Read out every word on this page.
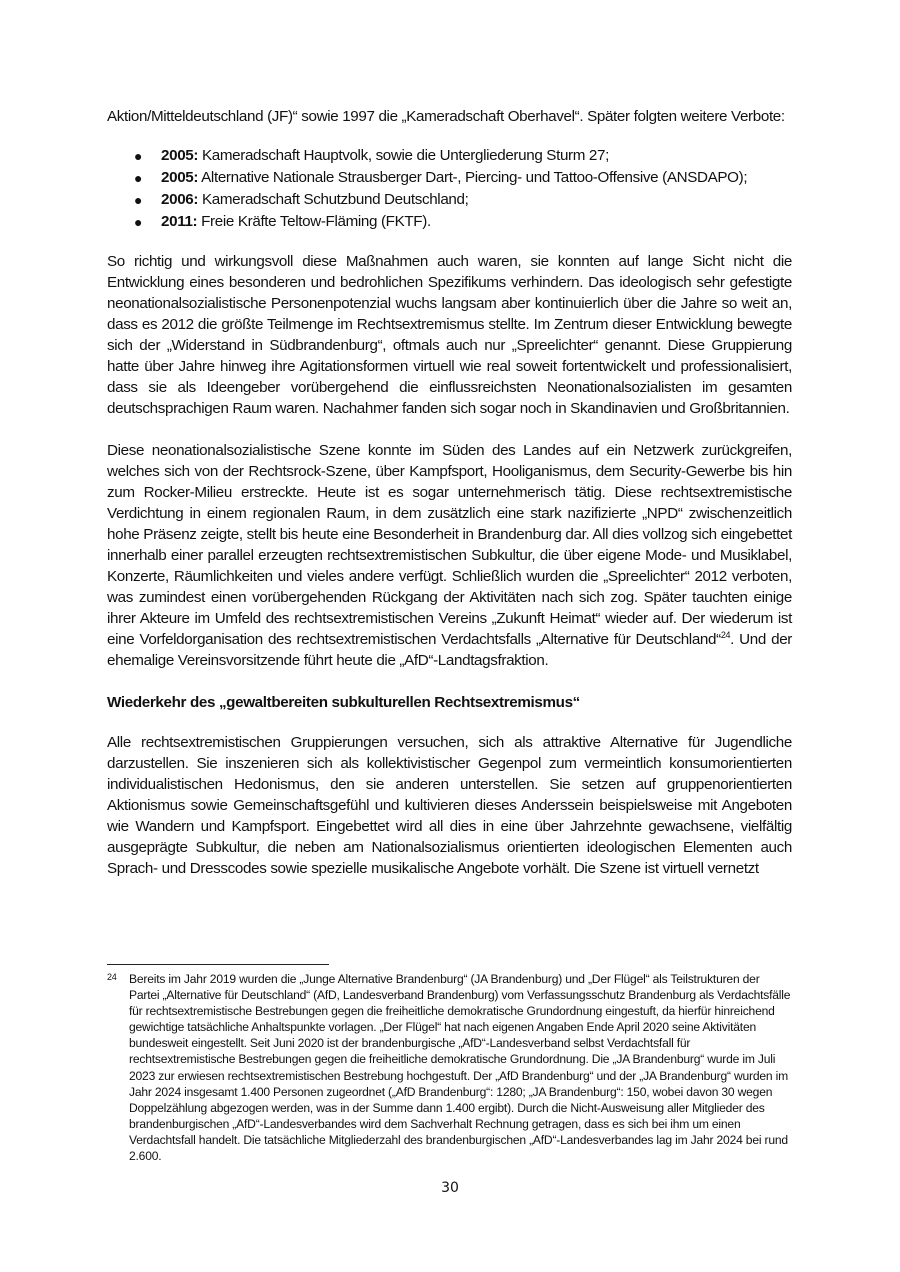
Aktion/Mitteldeutschland (JF)“ sowie 1997 die „Kameradschaft Oberhavel“. Später folgten weitere Verbote:

● 2005: Kameradschaft Hauptvolk, sowie die Untergliederung Sturm 27;
● 2005: Alternative Nationale Strausberger Dart-, Piercing- und Tattoo-Offensive (ANSDAPO);
● 2006: Kameradschaft Schutzbund Deutschland;
● 2011: Freie Kräfte Teltow-Fläming (FKTF).

So richtig und wirkungsvoll diese Maßnahmen auch waren, sie konnten auf lange Sicht nicht die Entwicklung eines besonderen und bedrohlichen Spezifikums verhindern. Das ideologisch sehr gefestigte neonationalsozialistische Personenpotenzial wuchs langsam aber kontinuierlich über die Jahre so weit an, dass es 2012 die größte Teilmenge im Rechtsextremismus stellte. Im Zentrum dieser Entwicklung bewegte sich der „Widerstand in Südbrandenburg“, oftmals auch nur „Spreelichter“ genannt. Diese Gruppierung hatte über Jahre hinweg ihre Agitationsformen virtuell wie real soweit fortentwickelt und professionalisiert, dass sie als Ideengeber vorübergehend die einflussreichsten Neonationalsozialisten im gesamten deutschsprachigen Raum waren. Nachahmer fanden sich sogar noch in Skandinavien und Großbritannien.

Diese neonationalsozialistische Szene konnte im Süden des Landes auf ein Netzwerk zurückgreifen, welches sich von der Rechtsrock-Szene, über Kampfsport, Hooliganismus, dem Security-Gewerbe bis hin zum Rocker-Milieu erstreckte. Heute ist es sogar unternehmerisch tätig. Diese rechtsextremistische Verdichtung in einem regionalen Raum, in dem zusätzlich eine stark nazifizierte „NPD“ zwischenzeitlich hohe Präsenz zeigte, stellt bis heute eine Besonderheit in Brandenburg dar. All dies vollzog sich eingebettet innerhalb einer parallel erzeugten rechtsextremistischen Subkultur, die über eigene Mode- und Musiklabel, Konzerte, Räumlichkeiten und vieles andere verfügt. Schließlich wurden die „Spreelichter“ 2012 verboten, was zumindest einen vorübergehenden Rückgang der Aktivitäten nach sich zog. Später tauchten einige ihrer Akteure im Umfeld des rechtsextremistischen Vereins „Zukunft Heimat“ wieder auf. Der wiederum ist eine Vorfeldorganisation des rechtsextremistischen Verdachtsfalls „Alternative für Deutschland“$^{24}$. Und der ehemalige Vereinsvorsitzende führt heute die „AfD“-Landtagsfraktion.

Wiederkehr des „gewaltbereiten subkulturellen Rechtsextremismus“

Alle rechtsextremistischen Gruppierungen versuchen, sich als attraktive Alternative für Jugendliche darzustellen. Sie inszenieren sich als kollektivistischer Gegenpol zum vermeintlich konsumorientierten individualistischen Hedonismus, den sie anderen unterstellen. Sie setzen auf gruppenorientierten Aktionismus sowie Gemeinschaftsgefühl und kultivieren dieses Anderssein beispielsweise mit Angeboten wie Wandern und Kampfsport. Eingebettet wird all dies in eine über Jahrzehnte gewachsene, vielfältig ausgeprägte Subkultur, die neben am Nationalsozialismus orientierten ideologischen Elementen auch Sprach- und Dresscodes sowie spezielle musikalische Angebote vorhält. Die Szene ist virtuell vernetzt

24 Bereits im Jahr 2019 wurden die „Junge Alternative Brandenburg“ (JA Brandenburg) und „Der Flügel“ als Teilstrukturen der Partei „Alternative für Deutschland“ (AfD, Landesverband Brandenburg) vom Verfassungsschutz Brandenburg als Verdachtsfälle für rechtsextremistische Bestrebungen gegen die freiheitliche demokratische Grundordnung eingestuft, da hierfür hinreichend gewichtige tatsächliche Anhaltspunkte vorlagen. „Der Flügel“ hat nach eigenen Angaben Ende April 2020 seine Aktivitäten bundesweit eingestellt. Seit Juni 2020 ist der brandenburgische „AfD“-Landesverband selbst Verdachtsfall für rechtsextremistische Bestrebungen gegen die freiheitliche demokratische Grundordnung. Die „JA Brandenburg“ wurde im Juli 2023 zur erwiesen rechtsextremistischen Bestrebung hochgestuft. Der „AfD Brandenburg“ und der „JA Brandenburg“ wurden im Jahr 2024 insgesamt 1.400 Personen zugeordnet („AfD Brandenburg“: 1280; „JA Brandenburg“: 150, wobei davon 30 wegen Doppelzählung abgezogen werden, was in der Summe dann 1.400 ergibt). Durch die Nicht-Ausweisung aller Mitglieder des brandenburgischen „AfD“-Landesverbandes wird dem Sachverhalt Rechnung getragen, dass es sich bei ihm um einen Verdachtsfall handelt. Die tatsächliche Mitgliederzahl des brandenburgischen „AfD“-Landesverbandes lag im Jahr 2024 bei rund 2.600.
30
